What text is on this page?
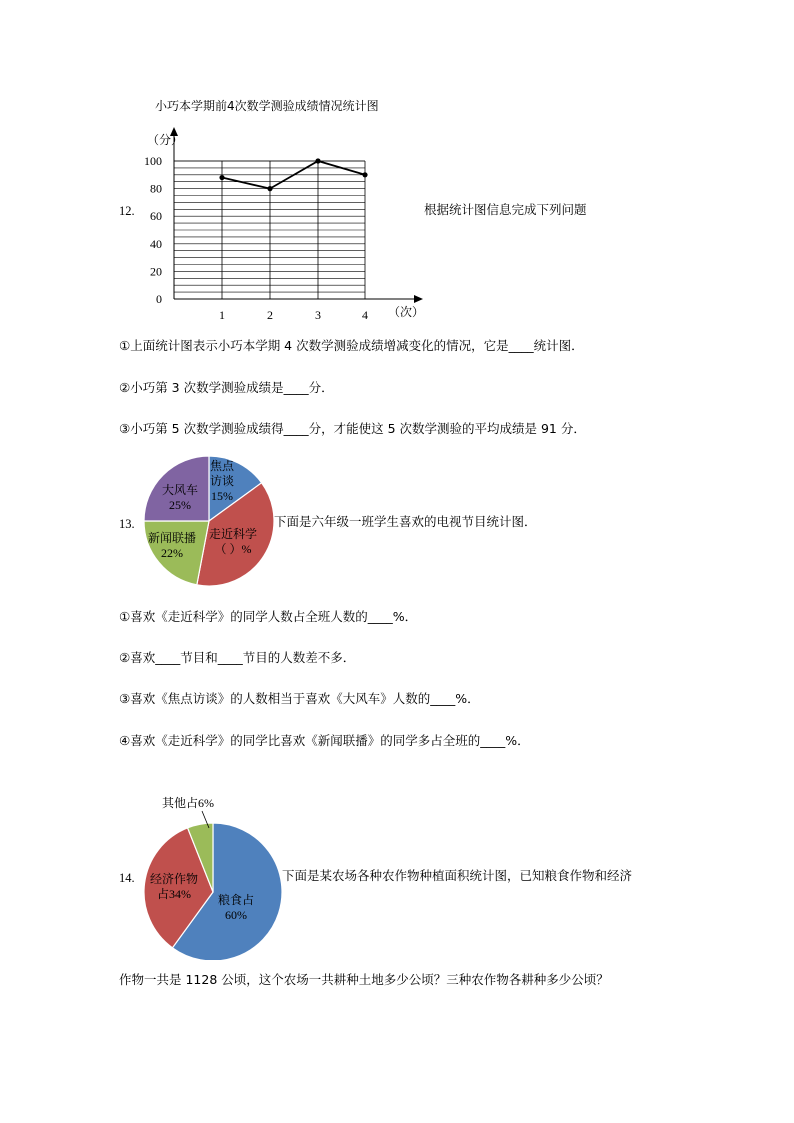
小巧本学期前4次数学测验成绩情况统计图
（分）
（次）
0
20
40
60
80
100
1	2	3	4
12.	根据统计图信息完成下列问题
①上面统计图表示小巧本学期 4 次数学测验成绩增减变化的情况，它是____统计图．
②小巧第 3 次数学测验成绩是____分．
③小巧第 5 次数学测验成绩得____分，才能使这 5 次数学测验的平均成绩是 91 分．
焦点
访谈
15%
走近科学
（ ）%
新闻联播
22%
大风车
25%
13.	下面是六年级一班学生喜欢的电视节目统计图．
①喜欢《走近科学》的同学人数占全班人数的____%．
②喜欢____节目和____节目的人数差不多．
③喜欢《焦点访谈》的人数相当于喜欢《大风车》人数的____%．
④喜欢《走近科学》的同学比喜欢《新闻联播》的同学多占全班的____%．
粮食占
60%
经济作物
占34%
其他占6%
14.	下面是某农场各种农作物种植面积统计图，已知粮食作物和经济
作物一共是 1128 公顷，这个农场一共耕种土地多少公顷？三种农作物各耕种多少公顷？
